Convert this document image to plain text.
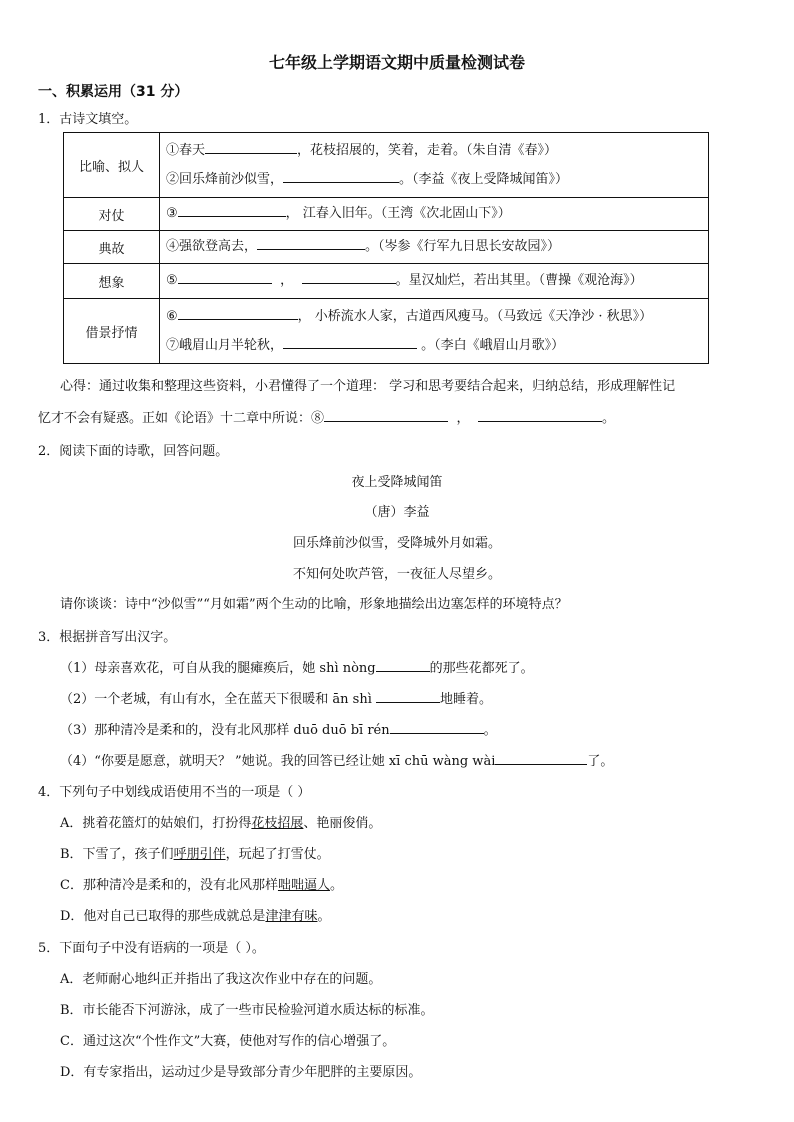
七年级上学期语文期中质量检测试卷
一、积累运用（31 分）
1．古诗文填空。
比喻、拟人	①春天 ，花枝招展的，笑着，走着。（朱自清《春》）
②回乐烽前沙似雪， 。（李益《夜上受降城闻笛》）

对仗	③ ， 江春入旧年。（王湾《次北固山下》）

典故	④强欲登高去， 。（岑参《行军九日思长安故园》）

想象	⑤ ， 。星汉灿烂，若出其里。（曹操《观沧海》）

借景抒情	⑥ ， 小桥流水人家，古道西风瘦马。（马致远《天净沙 · 秋思》）
⑦峨眉山月半轮秋， 。（李白《峨眉山月歌》）
心得：通过收集和整理这些资料，小君懂得了一个道理： 学习和思考要结合起来，归纳总结，形成理解性记
忆才不会有疑惑。正如《论语》十二章中所说：⑧	，	。
2．阅读下面的诗歌，回答问题。
夜上受降城闻笛
（唐）李益
回乐烽前沙似雪，受降城外月如霜。
不知何处吹芦管，一夜征人尽望乡。
请你谈谈：诗中“沙似雪”“月如霜”两个生动的比喻，形象地描绘出边塞怎样的环境特点？
3．根据拼音写出汉字。
（1）母亲喜欢花，可自从我的腿瘫痪后，她 shì nòng	的那些花都死了。
（2）一个老城，有山有水，全在蓝天下很暖和 ān shì	地睡着。
（3）那种清冷是柔和的，没有北风那样 duō duō bī rén	。
（4）“你要是愿意，就明天？ ”她说。我的回答已经让她 xī chū wàng wài	了。
4．下列句子中划线成语使用不当的一项是（ ）
A．挑着花篮灯的姑娘们，打扮得花枝招展、艳丽俊俏。
B．下雪了，孩子们呼朋引伴，玩起了打雪仗。
C．那种清冷是柔和的，没有北风那样咄咄逼人。
D．他对自己已取得的那些成就总是津津有味。
5．下面句子中没有语病的一项是（ ）。
A．老师耐心地纠正并指出了我这次作业中存在的问题。
B．市长能否下河游泳，成了一些市民检验河道水质达标的标准。
C．通过这次“个性作文”大赛，使他对写作的信心增强了。
D．有专家指出，运动过少是导致部分青少年肥胖的主要原因。
